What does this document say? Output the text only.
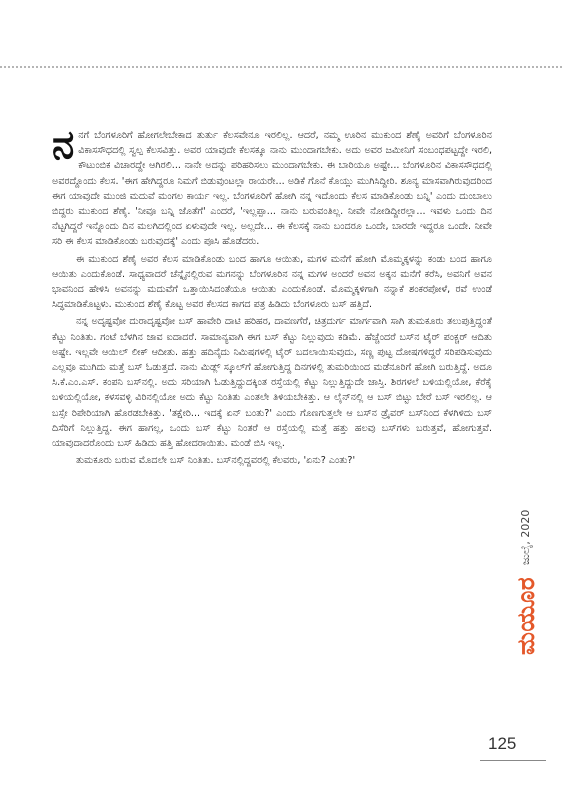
ನನಗೆ ಬೆಂಗಳೂರಿಗೆ ಹೋಗಲೇಬೇಕಾದ ತುರ್ತು ಕೆಲಸವೇನೂ ಇರಲಿಲ್ಲ. ಆದರೆ, ನಮ್ಮ ಊರಿನ ಮುಕುಂದ ಶೆಣೈ ಅವರಿಗೆ ಬೆಂಗಳೂರಿನ ವಿಕಾಸಸೌಧದಲ್ಲಿ ಸ್ವಲ್ಪ ಕೆಲಸವಿತ್ತು. ಅವರ ಯಾವುದೇ ಕೆಲಸಕ್ಕೂ ನಾನು ಮುಂದಾಗಬೇಕು. ಅದು ಅವರ ಜಮೀನಿಗೆ ಸಂಬಂಧಪಟ್ಟದ್ದೇ ಇರಲಿ, ಕೌಟುಂಬಿಕ ವಿಚಾರದ್ದೇ ಆಗಿರಲಿ... ನಾನೇ ಅದನ್ನು ಪರಿಹರಿಸಲು ಮುಂದಾಗಬೇಕು. ಈ ಬಾರಿಯೂ ಅಷ್ಟೇ... ಬೆಂಗಳೂರಿನ ವಿಕಾಸಸೌಧದಲ್ಲಿ ಅವರದ್ದೊಂದು ಕೆಲಸ. 'ಈಗ ಹೇಗಿದ್ದರೂ ನಿಮಗೆ ಬಿಡುವುಂಟಲ್ಲಾ ರಾಯರೇ... ಅಡಿಕೆ ಗೊನೆ ಕೊಯ್ಲು ಮುಗಿಸಿದ್ದೀರಿ. ಶೂನ್ಯ ಮಾಸವಾಗಿರುವುದರಿಂದ ಈಗ ಯಾವುದೇ ಮುಂಜಿ ಮದುವೆ ಮಂಗಲ ಕಾರ್ಯ ಇಲ್ಲ. ಬೆಂಗಳೂರಿಗೆ ಹೋಗಿ ನನ್ನ ಇದೊಂದು ಕೆಲಸ ಮಾಡಿಕೊಂಡು ಬನ್ನಿ' ಎಂದು ದುಂಬಾಲು ಬಿದ್ದರು ಮುಕುಂದ ಶೆಣೈ. 'ನೀವೂ ಬನ್ನಿ ಜೊತೆಗೆ' ಎಂದರೆ, 'ಇಲ್ಲಪ್ಪಾ... ನಾನು ಬರುವಂತಿಲ್ಲ. ನೀವೇ ನೋಡಿದ್ದೀರಲ್ಲಾ... ಇವಳು ಒಂದು ದಿನ ನೆಟ್ಟಗಿದ್ದರೆ ಇನ್ನೊಂದು ದಿನ ಮಲಗಿದಲ್ಲಿಂದ ಏಳುವುದೇ ಇಲ್ಲ. ಅಲ್ಲದೇ... ಈ ಕೆಲಸಕ್ಕೆ ನಾನು ಬಂದರೂ ಒಂದೇ, ಬಾರದೇ ಇದ್ದರೂ ಒಂದೇ. ನೀವೇ ಸರಿ ಈ ಕೆಲಸ ಮಾಡಿಕೊಂಡು ಬರುವುದಕ್ಕೆ' ಎಂದು ಪೂಸಿ ಹೊಡೆದರು.

ಈ ಮುಕುಂದ ಶೆಣೈ ಅವರ ಕೆಲಸ ಮಾಡಿಕೊಂಡು ಬಂದ ಹಾಗೂ ಆಯಿತು, ಮಗಳ ಮನೆಗೆ ಹೋಗಿ ಮೊಮ್ಮಕ್ಕಳನ್ನು ಕಂಡು ಬಂದ ಹಾಗೂ ಆಯಿತು ಎಂದುಕೊಂಡೆ. ಸಾಧ್ಯವಾದರೆ ಚೆನ್ನೈನಲ್ಲಿರುವ ಮಗನನ್ನು ಬೆಂಗಳೂರಿನ ನನ್ನ ಮಗಳ ಅಂದರೆ ಅವನ ಅಕ್ಕನ ಮನೆಗೆ ಕರೆಸಿ, ಅವನಿಗೆ ಅವನ ಭಾವನಿಂದ ಹೇಳಿಸಿ ಅವನನ್ನು ಮದುವೆಗೆ ಒತ್ತಾಯಿಸಿದಂತೆಯೂ ಆಯಿತು ಎಂದುಕೊಂಡೆ. ಮೊಮ್ಮಕ್ಕಳಿಗಾಗಿ ನನ್ನಾಕೆ ಶಂಕರಪೋಳೆ, ರವೆ ಉಂಡೆ ಸಿದ್ಧಮಾಡಿಕೊಟ್ಟಳು. ಮುಕುಂದ ಶೆಣೈ ಕೊಟ್ಟ ಅವರ ಕೆಲಸದ ಕಾಗದ ಪತ್ರ ಹಿಡಿದು ಬೆಂಗಳೂರು ಬಸ್ ಹತ್ತಿದೆ.

ನನ್ನ ಅದೃಷ್ಟವೋ ದುರಾದೃಷ್ಟವೋ ಬಸ್ ಹಾವೇರಿ ದಾಟಿ ಹರಿಹರ, ದಾವಣಗೆರೆ, ಚಿತ್ರದುರ್ಗ ಮಾರ್ಗವಾಗಿ ಸಾಗಿ ತುಮಕೂರು ತಲುಪುತ್ತಿದ್ದಂತೆ ಕೆಟ್ಟು ನಿಂತಿತು. ಗಂಟೆ ಬೆಳಗಿನ ಜಾವ ಐದಾದರೆ. ಸಾಮಾನ್ಯವಾಗಿ ಈಗ ಬಸ್ ಕೆಟ್ಟು ನಿಲ್ಲುವುದು ಕಡಿಮೆ. ಹೆಚ್ಚೆಂದರೆ ಬಸ್‌ನ ಟೈರ್ ಪಂಕ್ಚರ್ ಆದಿತು ಅಷ್ಟೇ. ಇಲ್ಲವೇ ಆಯಿಲ್ ಲೀಕ್ ಆದೀತು. ಹತ್ತು ಹದಿನೈದು ನಿಮಿಷಗಳಲ್ಲಿ ಟೈರ್ ಬದಲಾಯಿಸುವುದು, ಸಣ್ಣ ಪುಟ್ಟ ದೋಷಗಳಿದ್ದರೆ ಸರಿಪಡಿಸುವುದು ಎಲ್ಲವೂ ಮುಗಿದು ಮತ್ತೆ ಬಸ್ ಓಡುತ್ತದೆ. ನಾನು ಮಿಡ್ಲ್ ಸ್ಕೂಲ್‌ಗೆ ಹೋಗುತ್ತಿದ್ದ ದಿನಗಳಲ್ಲಿ ತುಮರಿಯಿಂದ ಮಡೆನೂರಿಗೆ ಹೋಗಿ ಬರುತ್ತಿದ್ದೆ. ಅದೂ ಸಿ.ಕೆ.ಎಂ.ಎಸ್. ಕಂಪನಿ ಬಸ್‌ನಲ್ಲಿ. ಅದು ಸರಿಯಾಗಿ ಓಡುತ್ತಿದ್ದುದಕ್ಕಿಂತ ರಸ್ತೆಯಲ್ಲಿ ಕೆಟ್ಟು ನಿಲ್ಲುತ್ತಿದ್ದುದೇ ಜಾಸ್ತಿ. ಶಿರಗಳಲೆ ಬಳಿಯಲ್ಲಿಯೋ, ಕೆರೆಕೈ ಬಳಿಯಲ್ಲಿಯೋ, ಕಳಸವಳ್ಳಿ ವಿರಿನಲ್ಲಿಯೋ ಅದು ಕೆಟ್ಟು ನಿಂತಿತು ಎಂತಲೇ ತಿಳಿಯಬೇಕಿತ್ತು. ಆ ಲೈನ್‌ನಲ್ಲಿ ಆ ಬಸ್ ಬಿಟ್ಟು ಬೇರೆ ಬಸ್ ಇರಲಿಲ್ಲ. ಆ ಬಸ್ಸೇ ರಿಪೇರಿಯಾಗಿ ಹೊರಡಬೇಕಿತ್ತು. 'ತಕ್ಷೇರಿ... ಇದಕ್ಕೆ ಏನ್ ಬಂತು?' ಎಂದು ಗೊಣಗುತ್ತಲೇ ಆ ಬಸ್‌ನ ಡ್ರೈವರ್ ಬಸ್‌ನಿಂದ ಕೆಳಗಿಳಿದು ಬಸ್ ದಿಸೆರಿಗೆ ನಿಲ್ಲುತ್ತಿದ್ದ. ಈಗ ಹಾಗಲ್ಲ, ಒಂದು ಬಸ್ ಕೆಟ್ಟು ನಿಂತರೆ ಆ ರಸ್ತೆಯಲ್ಲಿ ಮತ್ತೆ ಹತ್ತು ಹಲವು ಬಸ್‌ಗಳು ಬರುತ್ತವೆ, ಹೋಗುತ್ತವೆ. ಯಾವುದಾದರೊಂದು ಬಸ್ ಹಿಡಿದು ಹತ್ತಿ ಹೋದರಾಯಿತು. ಮಂಡೆ ಬಿಸಿ ಇಲ್ಲ.

ತುಮಕೂರು ಬರುವ ಮೊದಲೇ ಬಸ್ ನಿಂತಿತು. ಬಸ್‌ನಲ್ಲಿದ್ದವರಲ್ಲಿ ಕೆಲವರು, 'ಏನು? ಎಂತು?'

ಮಯೂರ
ಜುಲೈ, 2020
125
